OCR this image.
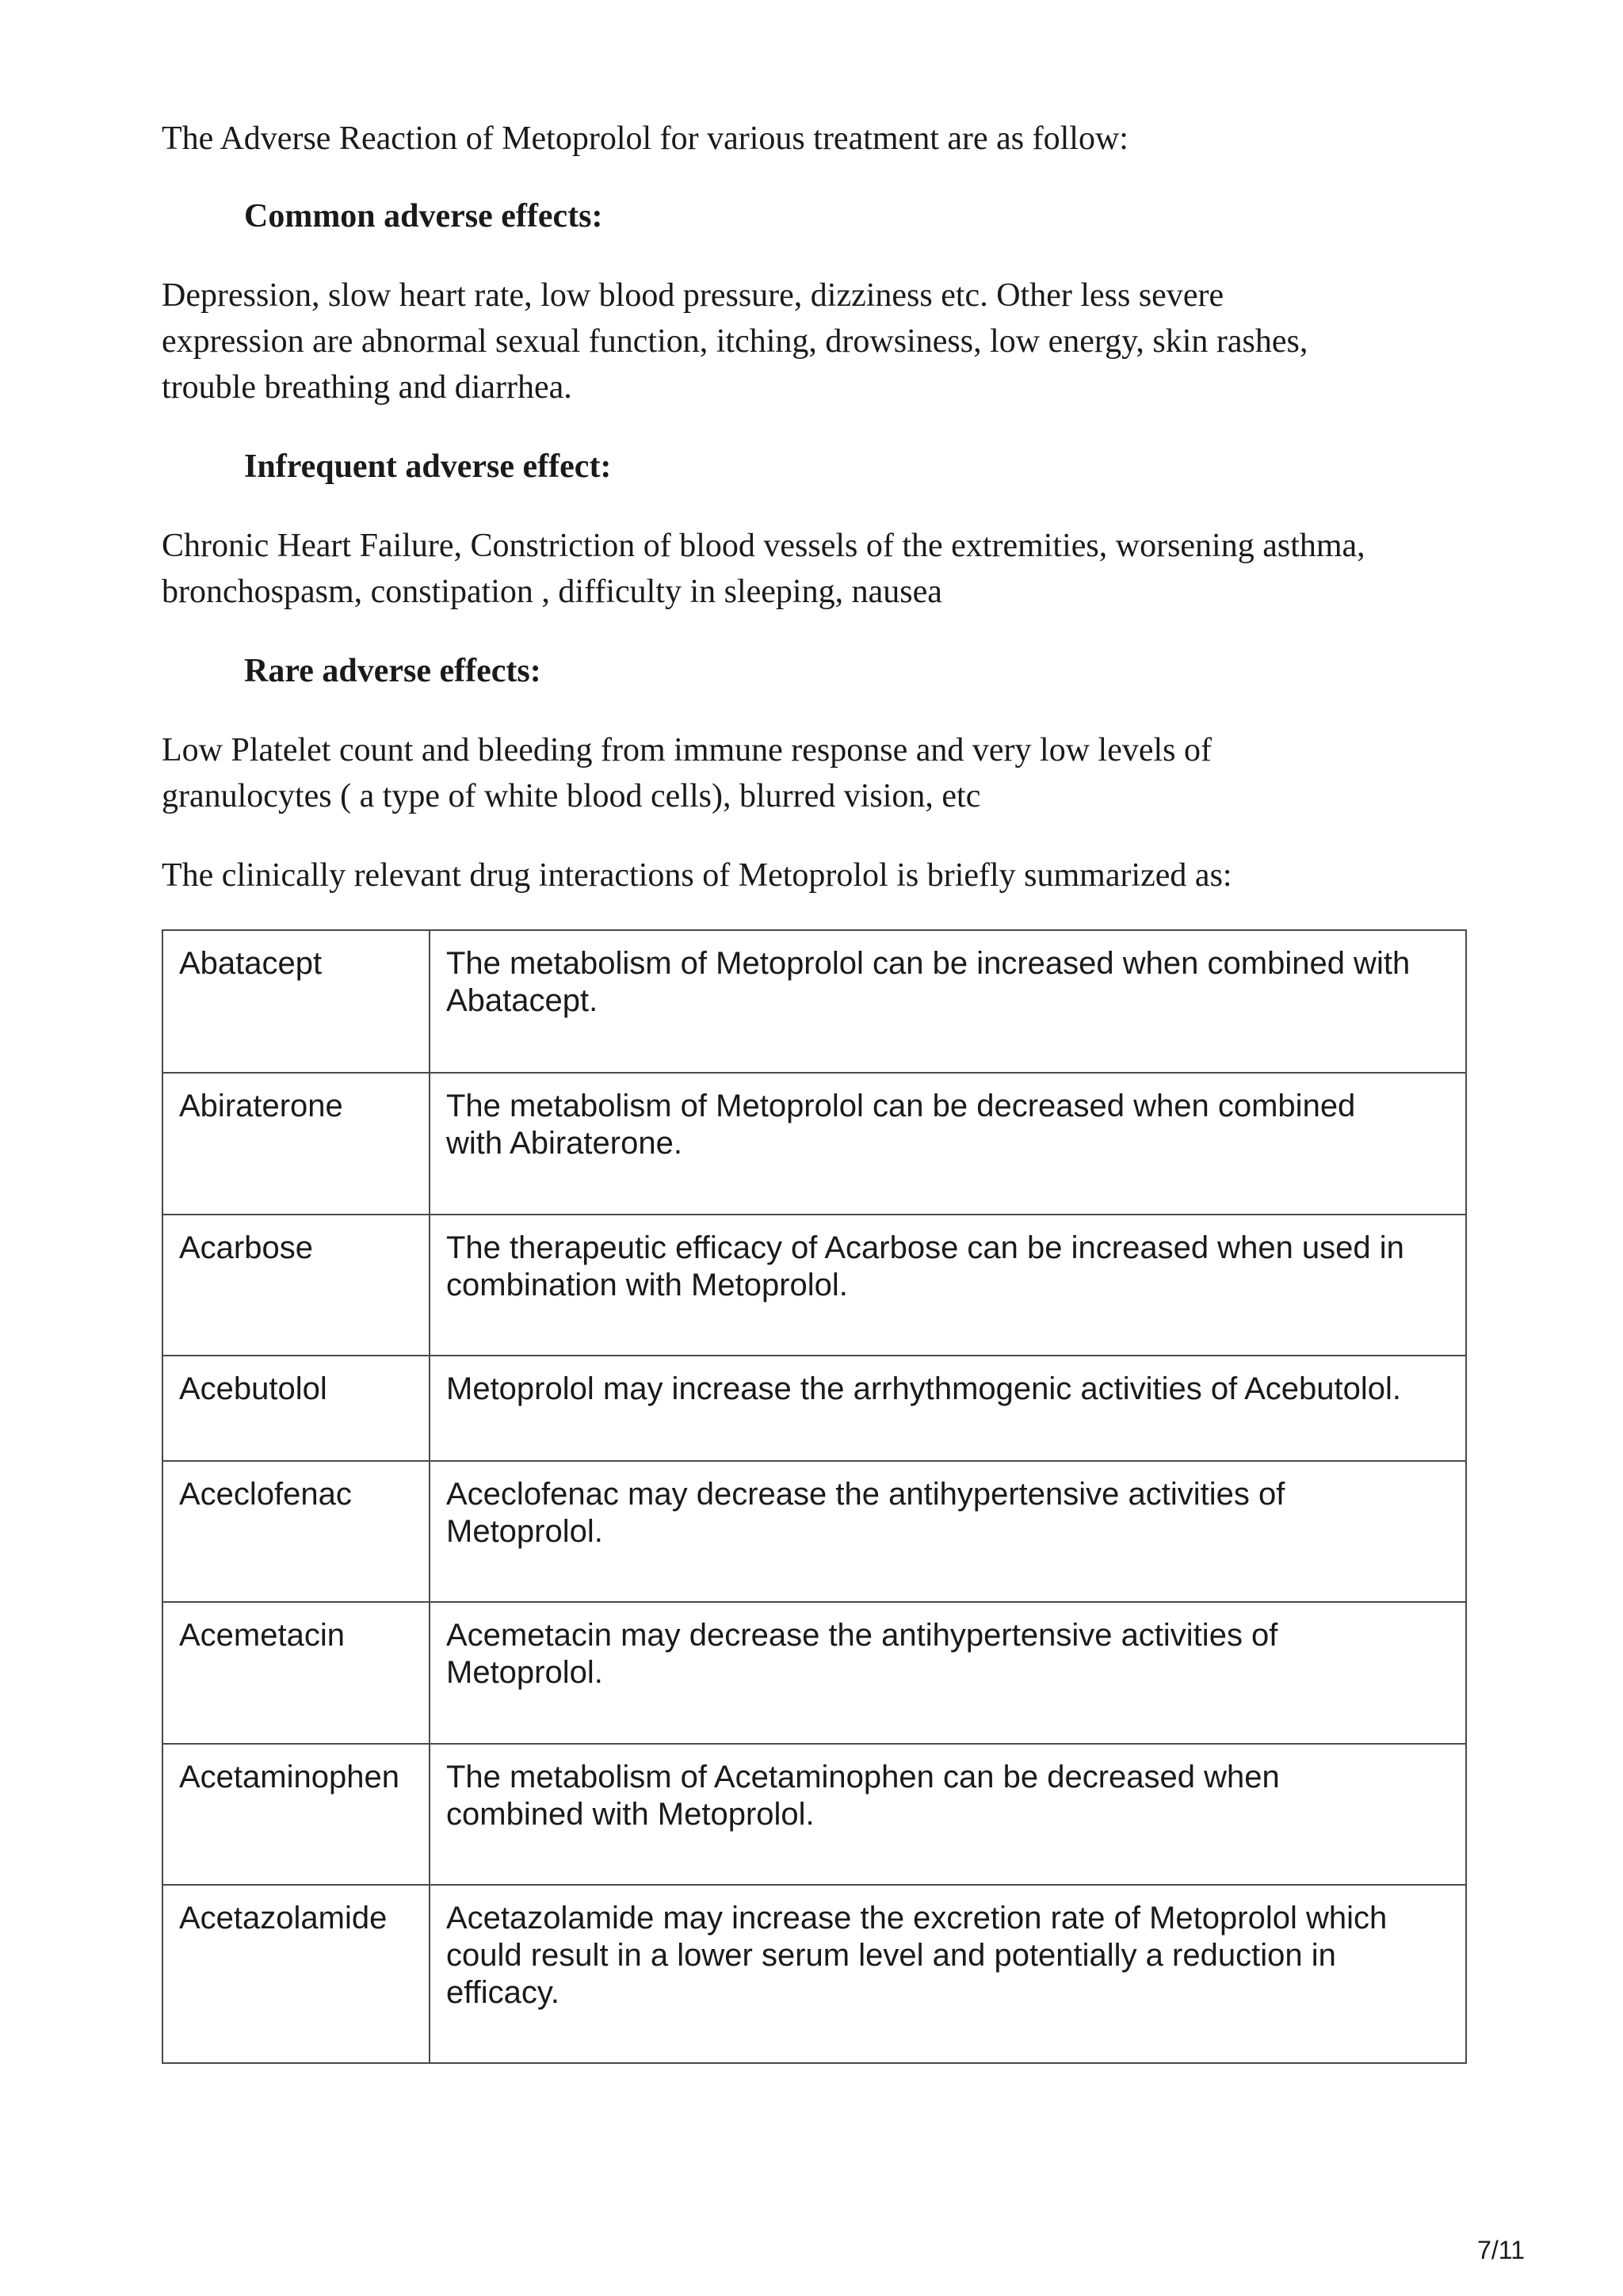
The Adverse Reaction of Metoprolol for various treatment are as follow:

Common adverse effects:

Depression, slow heart rate, low blood pressure, dizziness etc. Other less severe
expression are abnormal sexual function, itching, drowsiness, low energy, skin rashes,
trouble breathing and diarrhea.

Infrequent adverse effect:

Chronic Heart Failure, Constriction of blood vessels of the extremities, worsening asthma,
bronchospasm, constipation , difficulty in sleeping, nausea

Rare adverse effects:

Low Platelet count and bleeding from immune response and very low levels of
granulocytes ( a type of white blood cells), blurred vision, etc

The clinically relevant drug interactions of Metoprolol is briefly summarized as:

Abatacept	The metabolism of Metoprolol can be increased when combined with
Abatacept.
Abiraterone	The metabolism of Metoprolol can be decreased when combined
with Abiraterone.
Acarbose	The therapeutic efficacy of Acarbose can be increased when used in
combination with Metoprolol.
Acebutolol	Metoprolol may increase the arrhythmogenic activities of Acebutolol.
Aceclofenac	Aceclofenac may decrease the antihypertensive activities of
Metoprolol.
Acemetacin	Acemetacin may decrease the antihypertensive activities of
Metoprolol.
Acetaminophen	The metabolism of Acetaminophen can be decreased when
combined with Metoprolol.
Acetazolamide	Acetazolamide may increase the excretion rate of Metoprolol which
could result in a lower serum level and potentially a reduction in
efficacy.
7/11
